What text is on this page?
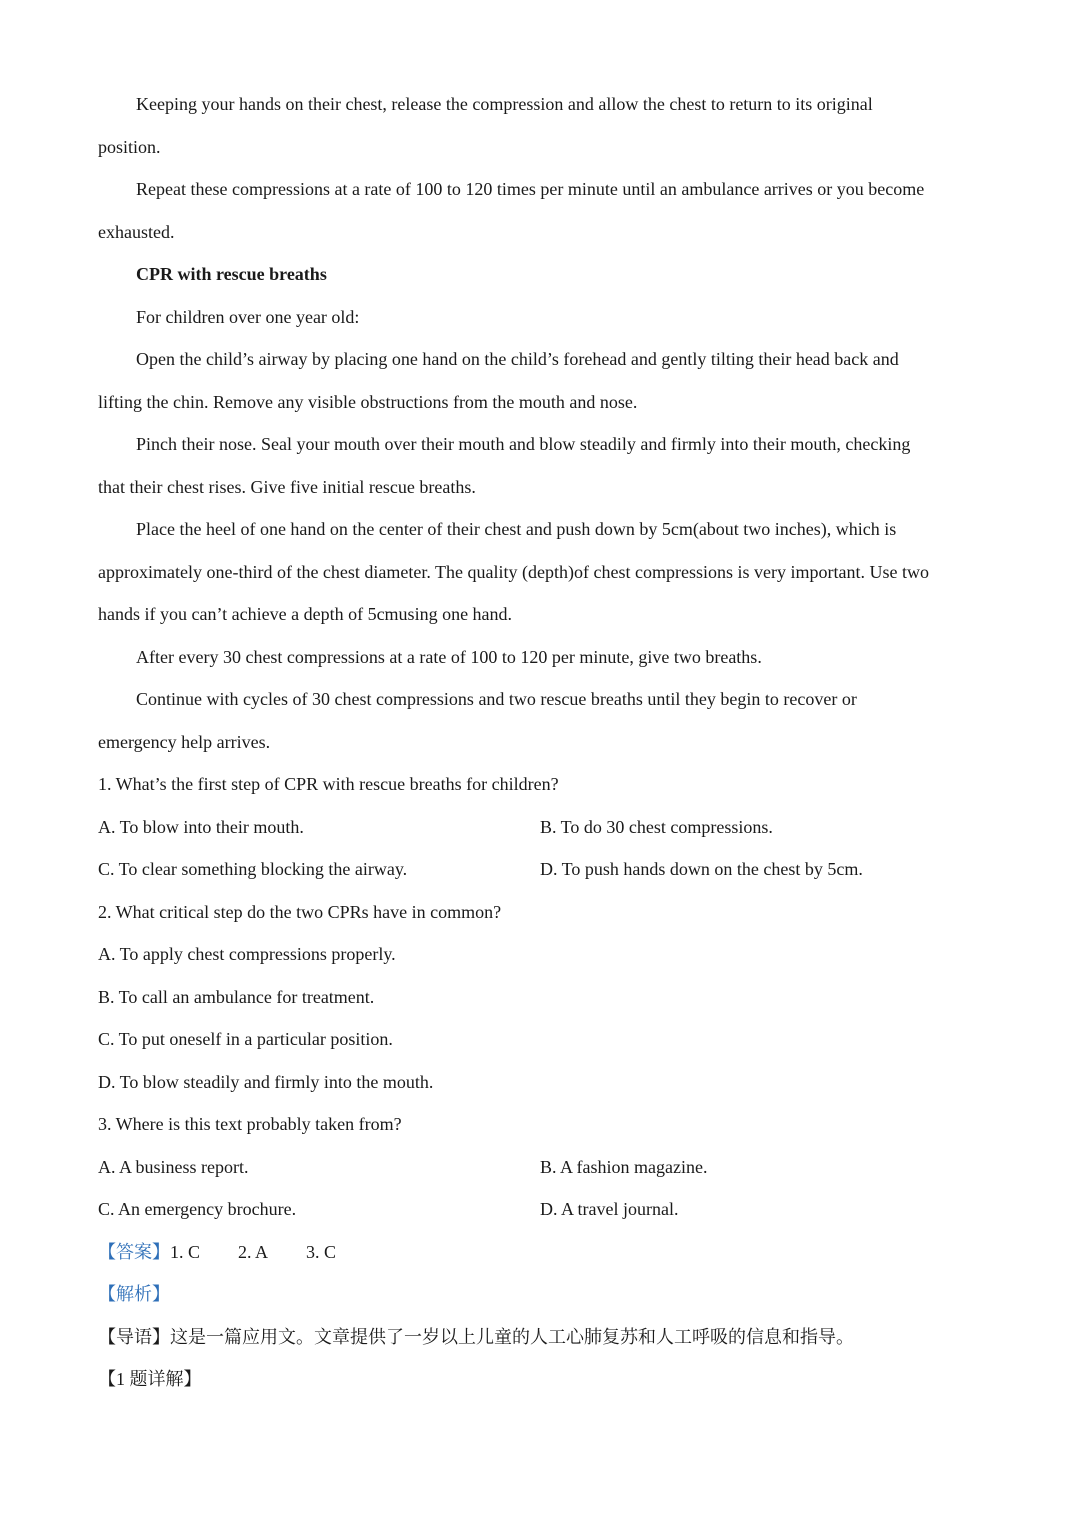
Keeping your hands on their chest, release the compression and allow the chest to return to its original
position.
Repeat these compressions at a rate of 100 to 120 times per minute until an ambulance arrives or you become
exhausted.
CPR with rescue breaths
For children over one year old:
Open the child’s airway by placing one hand on the child’s forehead and gently tilting their head back and
lifting the chin. Remove any visible obstructions from the mouth and nose.
Pinch their nose. Seal your mouth over their mouth and blow steadily and firmly into their mouth, checking
that their chest rises. Give five initial rescue breaths.
Place the heel of one hand on the center of their chest and push down by 5cm(about two inches), which is
approximately one-third of the chest diameter. The quality (depth)of chest compressions is very important. Use two
hands if you can’t achieve a depth of 5cmusing one hand.
After every 30 chest compressions at a rate of 100 to 120 per minute, give two breaths.
Continue with cycles of 30 chest compressions and two rescue breaths until they begin to recover or
emergency help arrives.
1. What’s the first step of CPR with rescue breaths for children?
A. To blow into their mouth.	B. To do 30 chest compressions.
C. To clear something blocking the airway.	D. To push hands down on the chest by 5cm.
2. What critical step do the two CPRs have in common?
A. To apply chest compressions properly.
B. To call an ambulance for treatment.
C. To put oneself in a particular position.
D. To blow steadily and firmly into the mouth.
3. Where is this text probably taken from?
A. A business report.	B. A fashion magazine.
C. An emergency brochure.	D. A travel journal.
【答案】1. C 2. A 3. C
【解析】
【导语】这是一篇应用文。文章提供了一岁以上儿童的人工心肺复苏和人工呼吸的信息和指导。
【1 题详解】
